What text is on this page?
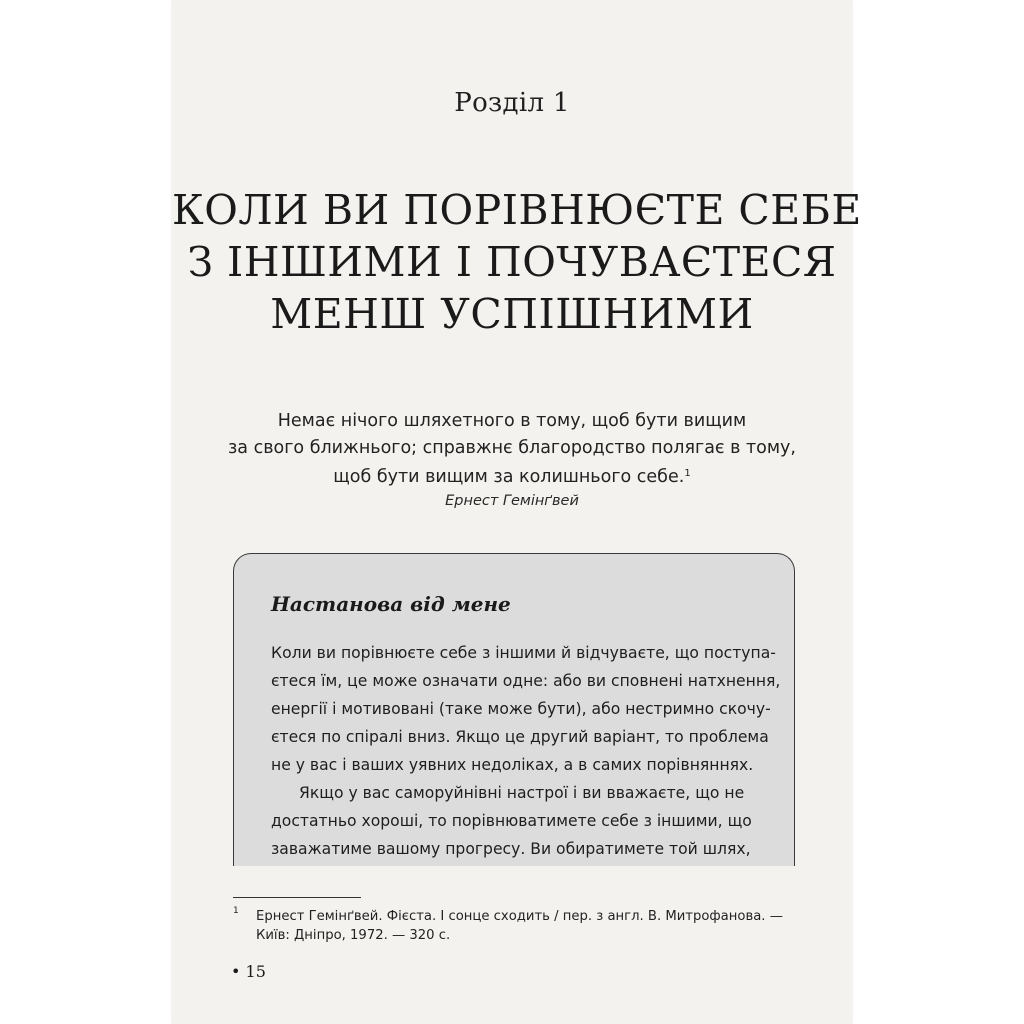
Розділ 1
КОЛИ ВИ ПОРІВНЮЄТЕ СЕБЕ
З ІНШИМИ І ПОЧУВАЄТЕСЯ
МЕНШ УСПІШНИМИ
Немає нічого шляхетного в тому, щоб бути вищим
за свого ближнього; справжнє благородство полягає в тому,
щоб бути вищим за колишнього себе.$^1$
Ернест Гемінґвей
Настанова від мене
Коли ви порівнюєте себе з іншими й відчуваєте, що поступа-
єтеся їм, це може означати одне: або ви сповнені натхнення,
енергії і мотивовані (таке може бути), або нестримно скочу-
єтеся по спіралі вниз. Якщо це другий варіант, то проблема
не у вас і ваших уявних недоліках, а в самих порівняннях.
Якщо у вас саморуйнівні настрої і ви вважаєте, що не
достатньо хороші, то порівнюватимете себе з іншими, що
заважатиме вашому прогресу. Ви обиратимете той шлях,
1 Ернест Гемінґвей. Фієста. І сонце сходить / пер. з англ. В. Митрофанова. —
Київ: Дніпро, 1972. — 320 с.
• 15
